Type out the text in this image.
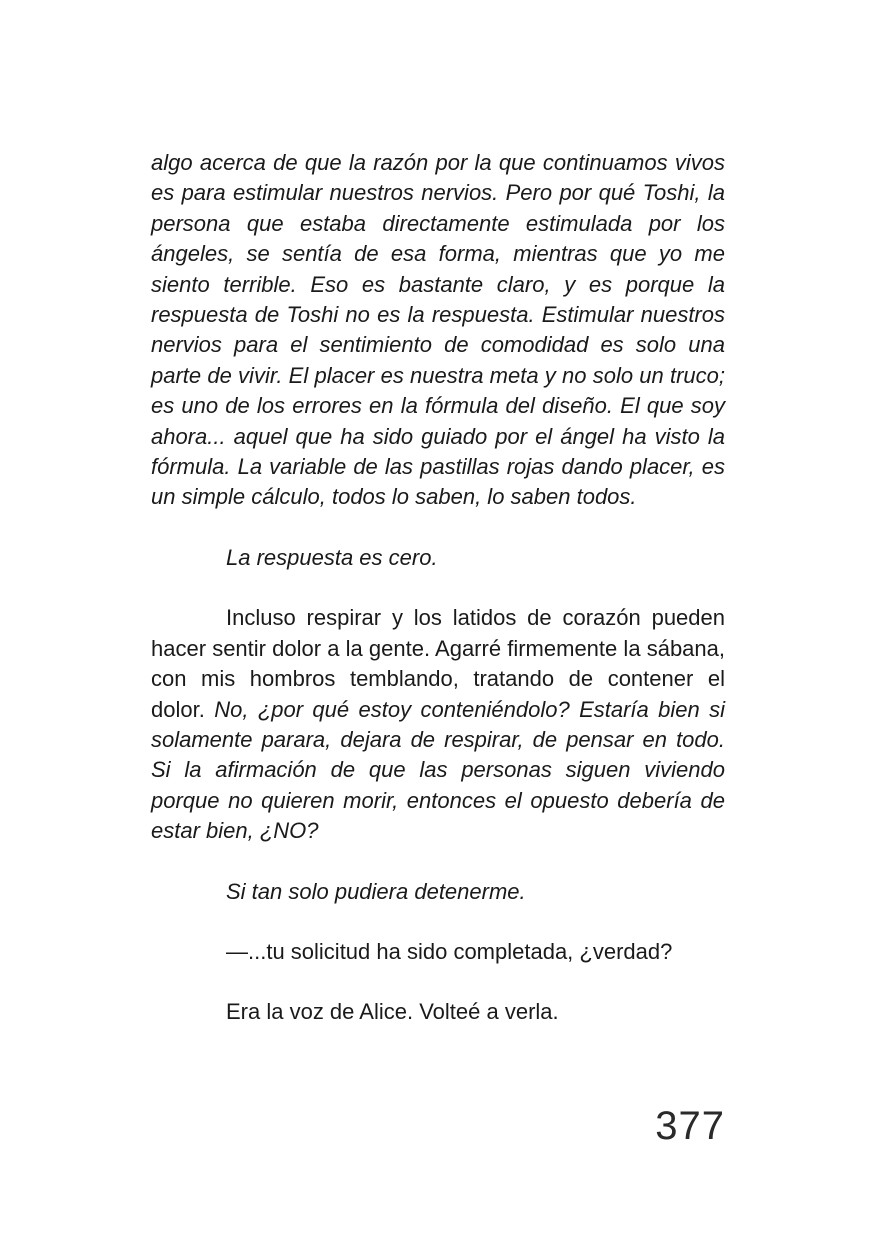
algo acerca de que la razón por la que continuamos vivos es para estimular nuestros nervios. Pero por qué Toshi, la persona que estaba directamente estimulada por los ángeles, se sentía de esa forma, mientras que yo me siento terrible. Eso es bastante claro, y es porque la respuesta de Toshi no es la respuesta. Estimular nuestros nervios para el sentimiento de comodidad es solo una parte de vivir. El placer es nuestra meta y no solo un truco; es uno de los errores en la fórmula del diseño. El que soy ahora... aquel que ha sido guiado por el ángel ha visto la fórmula. La variable de las pastillas rojas dando placer, es un simple cálculo, todos lo saben, lo saben todos.

La respuesta es cero.

Incluso respirar y los latidos de corazón pueden hacer sentir dolor a la gente. Agarré firmemente la sábana, con mis hombros temblando, tratando de contener el dolor. No, ¿por qué estoy conteniéndolo? Estaría bien si solamente parara, dejara de respirar, de pensar en todo. Si la afirmación de que las personas siguen viviendo porque no quieren morir, entonces el opuesto debería de estar bien, ¿NO?

Si tan solo pudiera detenerme.

—...tu solicitud ha sido completada, ¿verdad?

Era la voz de Alice. Volteé a verla.

377
